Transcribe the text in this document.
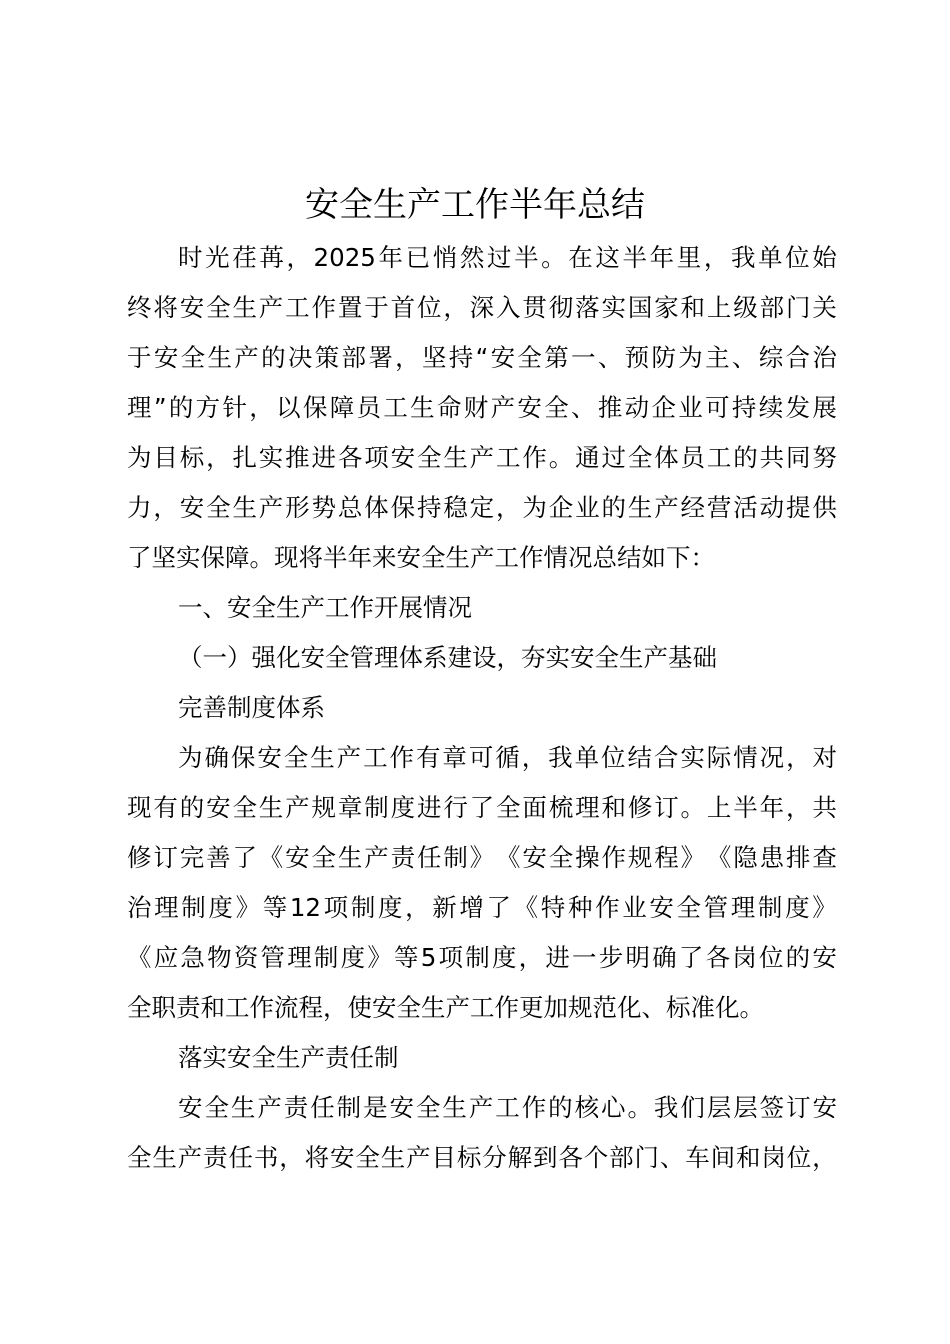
安全生产工作半年总结
时 光 荏 苒 ， 2025 年 已 悄 然 过 半 。 在 这 半 年 里 ， 我 单 位 始
终 将 安 全 生 产 工 作 置 于 首 位 ， 深 入 贯 彻 落 实 国 家 和 上 级 部 门 关
于 安 全 生 产 的 决 策 部 署 ， 坚 持 “ 安 全 第 一 、 预 防 为 主 、 综 合 治
理 ” 的 方 针 ， 以 保 障 员 工 生 命 财 产 安 全 、 推 动 企 业 可 持 续 发 展
为 目 标 ， 扎 实 推 进 各 项 安 全 生 产 工 作 。 通 过 全 体 员 工 的 共 同 努
力 ， 安 全 生 产 形 势 总 体 保 持 稳 定 ， 为 企 业 的 生 产 经 营 活 动 提 供
了坚实保障。现将半年来安全生产工作情况总结如下：
一、安全生产工作开展情况
（一）强化安全管理体系建设，夯实安全生产基础
完善制度体系
为 确 保 安 全 生 产 工 作 有 章 可 循 ， 我 单 位 结 合 实 际 情 况 ， 对
现 有 的 安 全 生 产 规 章 制 度 进 行 了 全 面 梳 理 和 修 订 。 上 半 年 ， 共
修 订 完 善 了 《 安 全 生 产 责 任 制 》 《 安 全 操 作 规 程 》 《 隐 患 排 查
治 理 制 度 》 等 12 项 制 度 ， 新 增 了 《 特 种 作 业 安 全 管 理 制 度 》
《 应 急 物 资 管 理 制 度 》 等 5 项 制 度 ， 进 一 步 明 确 了 各 岗 位 的 安
全职责和工作流程，使安全生产工作更加规范化、标准化。
落实安全生产责任制
安 全 生 产 责 任 制 是 安 全 生 产 工 作 的 核 心 。 我 们 层 层 签 订 安
全 生 产 责 任 书 ， 将 安 全 生 产 目 标 分 解 到 各 个 部 门 、 车 间 和 岗 位 ，
